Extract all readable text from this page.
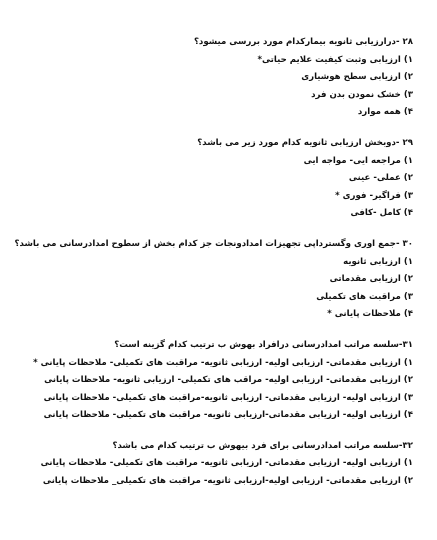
۲۸ -درارزیابی ثانویه بیمارکدام مورد بررسی میشود؟
۱) ارزیابی وثبت کیفیت علایم حیاتی*
۲) ارزیابی سطح هوشیاری
۳) خشک نمودن بدن فرد
۴) همه موارد
۲۹ -دوبخش ارزیابی ثانویه کدام مورد زیر می باشد؟
۱) مراجعه ایی- مواجه ایی
۲) عملی- عینی
۳) فراگیر- فوری *
۴) کامل -کافی
۳۰ -جمع اوری وگسترداپی تجهیزات امدادونجات جز کدام بخش از سطوح امدادرسانی می باشد؟
۱) ارزیابی ثانویه
۲) ارزیابی مقدماتی
۳) مراقبت های تکمیلی
۴) ملاحظات پایانی *
۳۱-سلسه مراتب امدادرسانی درافراد بهوش ب ترتیب کدام گزینه است؟
۱) ارزیابی مقدماتی- ارزیابی اولیه- ارزیابی ثانویه- مراقبت های تکمیلی- ملاحظات پایانی *
۲) ارزیابی مقدماتی- ارزیابی اولیه- مراقب های تکمیلی- ارزیابی ثانویه- ملاحظات پایانی
۳) ارزیابی اولیه- ارزیابی مقدماتی- ارزیابی ثانویه-مراقبت های تکمیلی- ملاحظات پایانی
۴) ارزیابی اولیه- ارزیابی مقدماتی-ارزیابی ثانویه- مراقبت های تکمیلی- ملاحظات پایانی
۳۲-سلسه مراتب امدادرسانی برای فرد بیهوش ب ترتیب کدام می باشد؟
۱) ارزیابی اولیه- ارزیابی مقدماتی- ارزیابی ثانویه- مراقبت های تکمیلی- ملاحظات پایانی
۲) ارزیابی مقدماتی- ارزیابی اولیه-ارزیابی ثانویه- مراقبت های تکمیلی_ ملاحظات پایانی
